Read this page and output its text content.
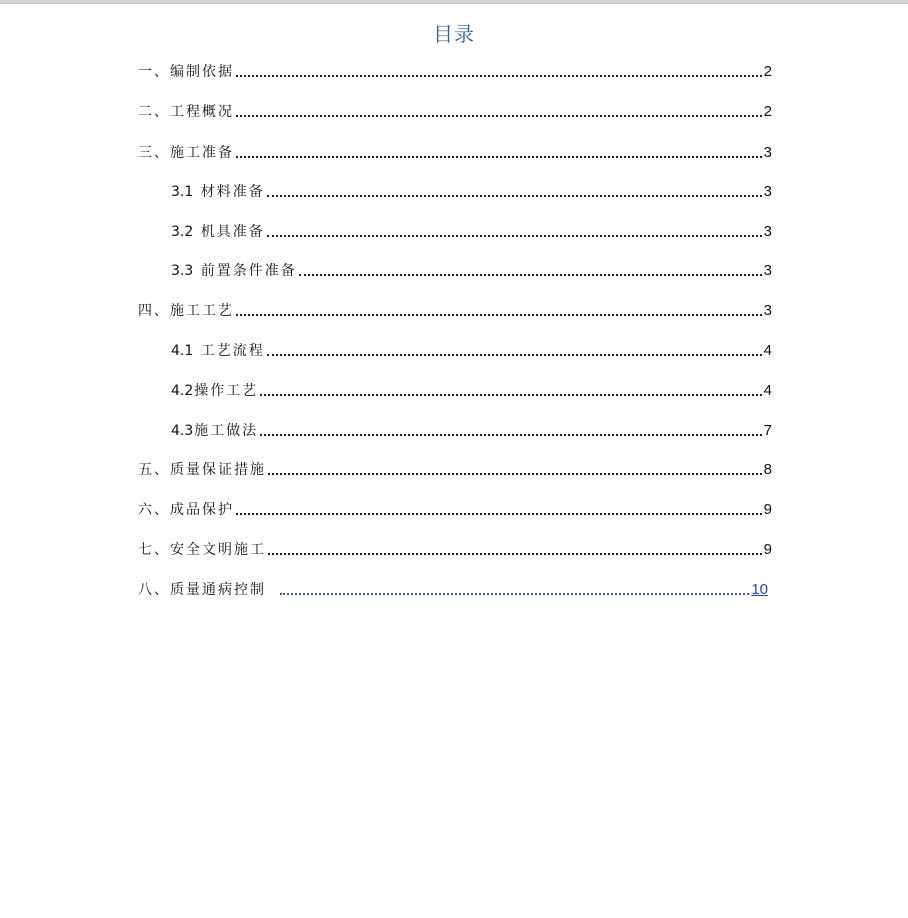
目录
一、编制依据	2
二、工程概况	2
三、施工准备	3
3.1 材料准备	3
3.2 机具准备	3
3.3 前置条件准备	3
四、施工工艺	3
4.1 工艺流程	4
4.2操作工艺	4
4.3施工做法	7
五、质量保证措施	8
六、成品保护	9
七、安全文明施工	9
八、质量通病控制	10
